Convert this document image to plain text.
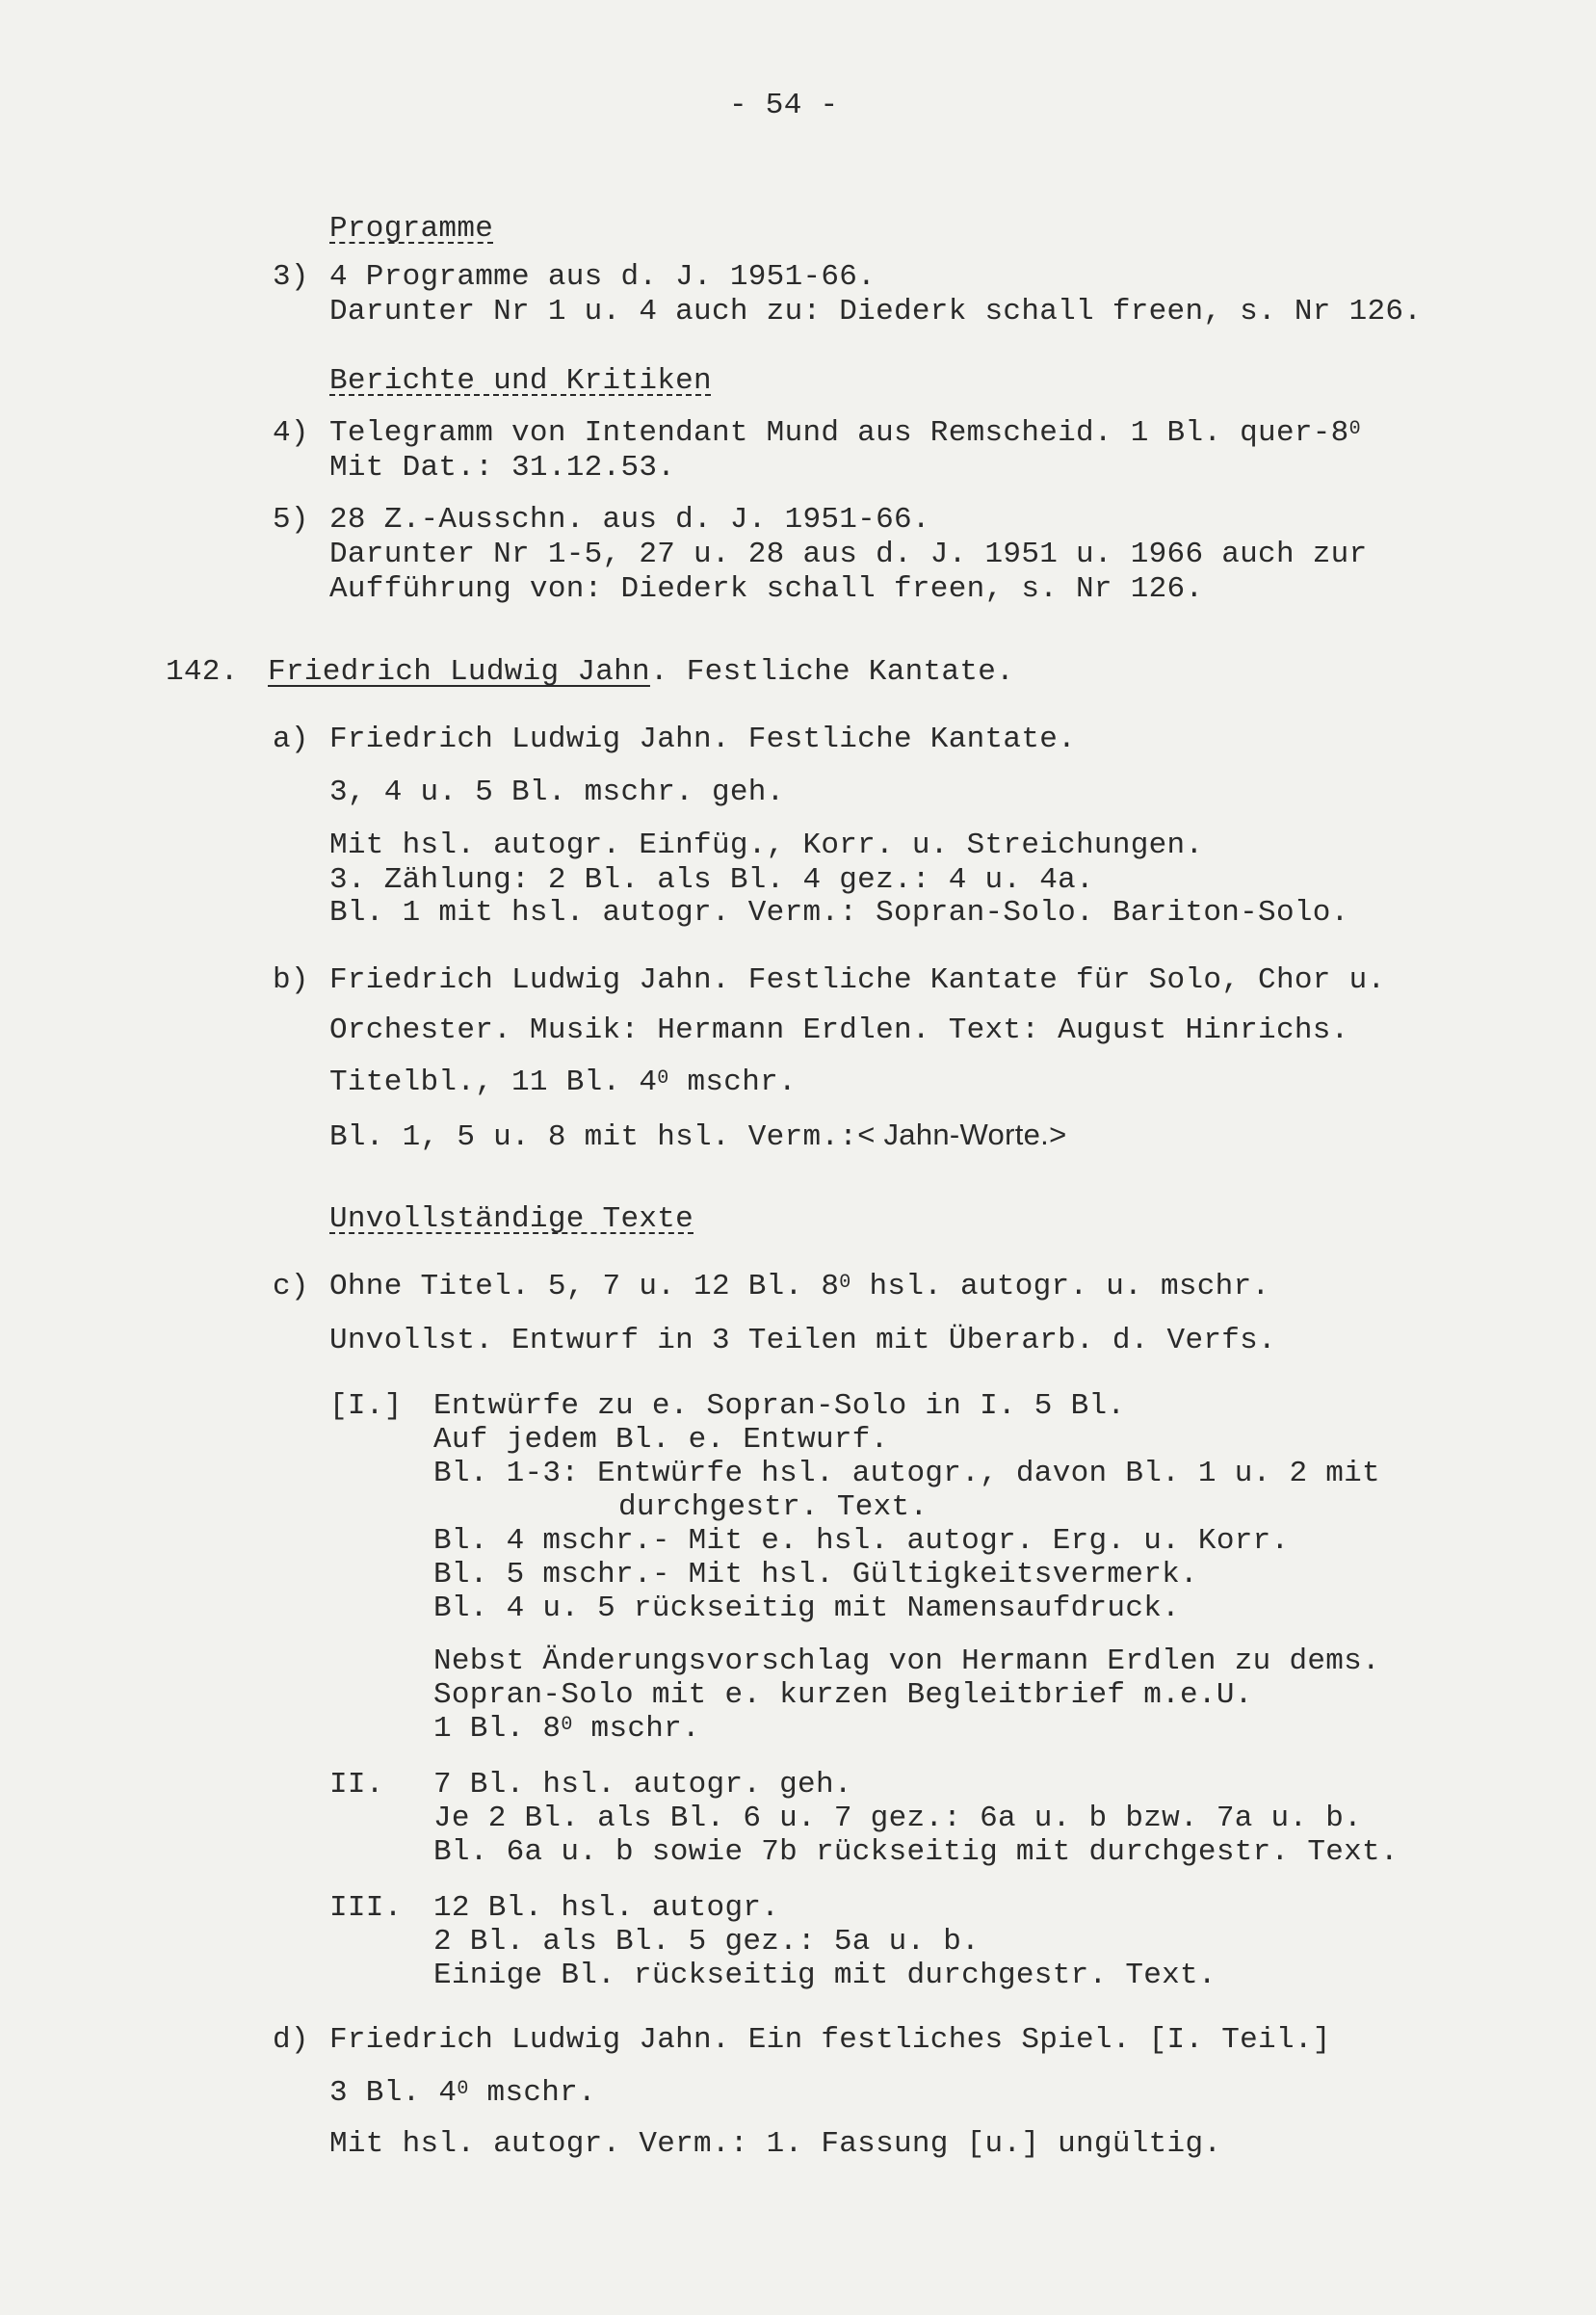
- 54 -
Programme
3) 4 Programme aus d. J. 1951-66.
Darunter Nr 1 u. 4 auch zu: Diederk schall freen, s. Nr 126.
Berichte und Kritiken
4) Telegramm von Intendant Mund aus Remscheid. 1 Bl. quer-$8^0$
Mit Dat.: 31.12.53.
5) 28 Z.-Ausschn. aus d. J. 1951-66.
Darunter Nr 1-5, 27 u. 28 aus d. J. 1951 u. 1966 auch zur
Aufführung von: Diederk schall freen, s. Nr 126.
142. Friedrich Ludwig Jahn. Festliche Kantate.
a) Friedrich Ludwig Jahn. Festliche Kantate.
3, 4 u. 5 Bl. mschr. geh.
Mit hsl. autogr. Einfüg., Korr. u. Streichungen.
3. Zählung: 2 Bl. als Bl. 4 gez.: 4 u. 4a.
Bl. 1 mit hsl. autogr. Verm.: Sopran-Solo. Bariton-Solo.
b) Friedrich Ludwig Jahn. Festliche Kantate für Solo, Chor u.
Orchester. Musik: Hermann Erdlen. Text: August Hinrichs.
Titelbl., 11 Bl. $4^0$ mschr.
Bl. 1, 5 u. 8 mit hsl. Verm.:< Jahn-Worte.>
Unvollständige Texte
c) Ohne Titel. 5, 7 u. 12 Bl. $8^0$ hsl. autogr. u. mschr.
Unvollst. Entwurf in 3 Teilen mit Überarb. d. Verfs.
[I.] Entwürfe zu e. Sopran-Solo in I. 5 Bl.
Auf jedem Bl. e. Entwurf.
Bl. 1-3: Entwürfe hsl. autogr., davon Bl. 1 u. 2 mit
durchgestr. Text.
Bl. 4 mschr.- Mit e. hsl. autogr. Erg. u. Korr.
Bl. 5 mschr.- Mit hsl. Gültigkeitsvermerk.
Bl. 4 u. 5 rückseitig mit Namensaufdruck.
Nebst Änderungsvorschlag von Hermann Erdlen zu dems.
Sopran-Solo mit e. kurzen Begleitbrief m.e.U.
1 Bl. $8^0$ mschr.
II. 7 Bl. hsl. autogr. geh.
Je 2 Bl. als Bl. 6 u. 7 gez.: 6a u. b bzw. 7a u. b.
Bl. 6a u. b sowie 7b rückseitig mit durchgestr. Text.
III. 12 Bl. hsl. autogr.
2 Bl. als Bl. 5 gez.: 5a u. b.
Einige Bl. rückseitig mit durchgestr. Text.
d) Friedrich Ludwig Jahn. Ein festliches Spiel. [I. Teil.]
3 Bl. $4^0$ mschr.
Mit hsl. autogr. Verm.: 1. Fassung [u.] ungültig.
